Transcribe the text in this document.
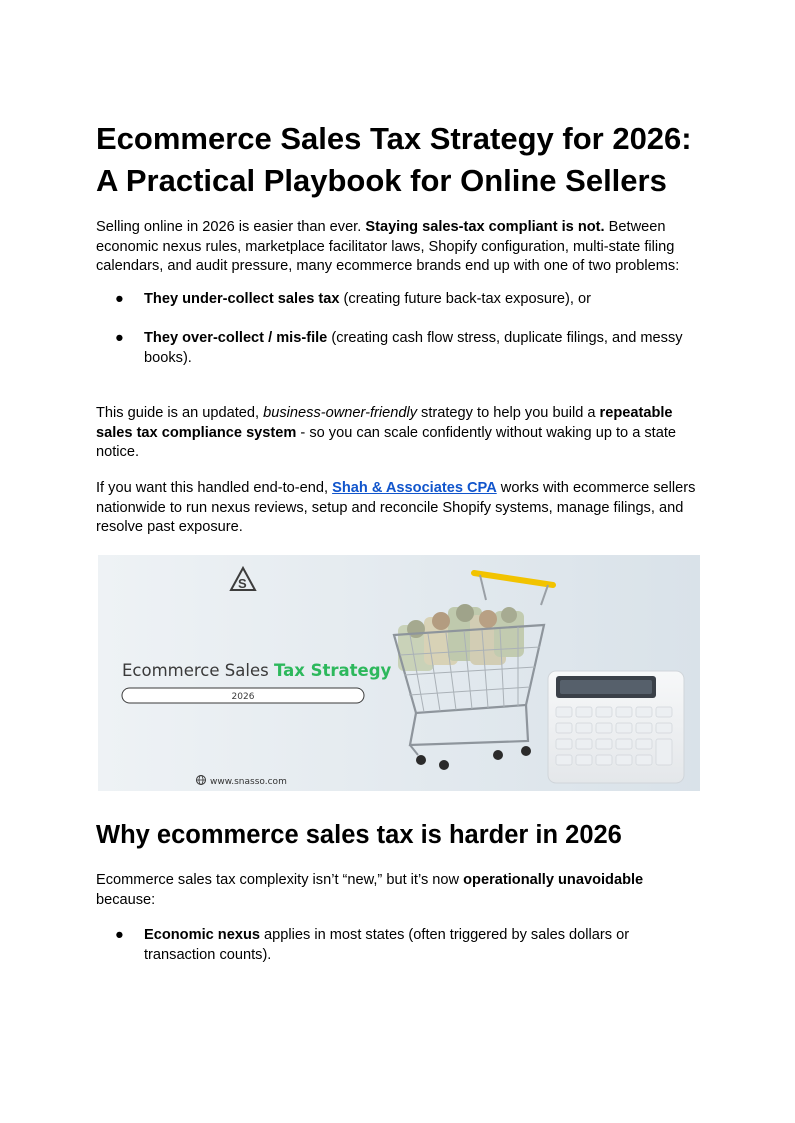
Ecommerce Sales Tax Strategy for 2026:
A Practical Playbook for Online Sellers

Selling online in 2026 is easier than ever. Staying sales-tax compliant is not. Between economic nexus rules, marketplace facilitator laws, Shopify configuration, multi-state filing calendars, and audit pressure, many ecommerce brands end up with one of two problems:

● They under-collect sales tax (creating future back-tax exposure), or
● They over-collect / mis-file (creating cash flow stress, duplicate filings, and messy books).

This guide is an updated, business-owner-friendly strategy to help you build a repeatable sales tax compliance system - so you can scale confidently without waking up to a state notice.

If you want this handled end-to-end, Shah & Associates CPA works with ecommerce sellers nationwide to run nexus reviews, setup and reconcile Shopify systems, manage filings, and resolve past exposure.

S
Ecommerce Sales Tax Strategy
2026
www.snasso.com
Why ecommerce sales tax is harder in 2026

Ecommerce sales tax complexity isn’t “new,” but it’s now operationally unavoidable because:

● Economic nexus applies in most states (often triggered by sales dollars or transaction counts).
